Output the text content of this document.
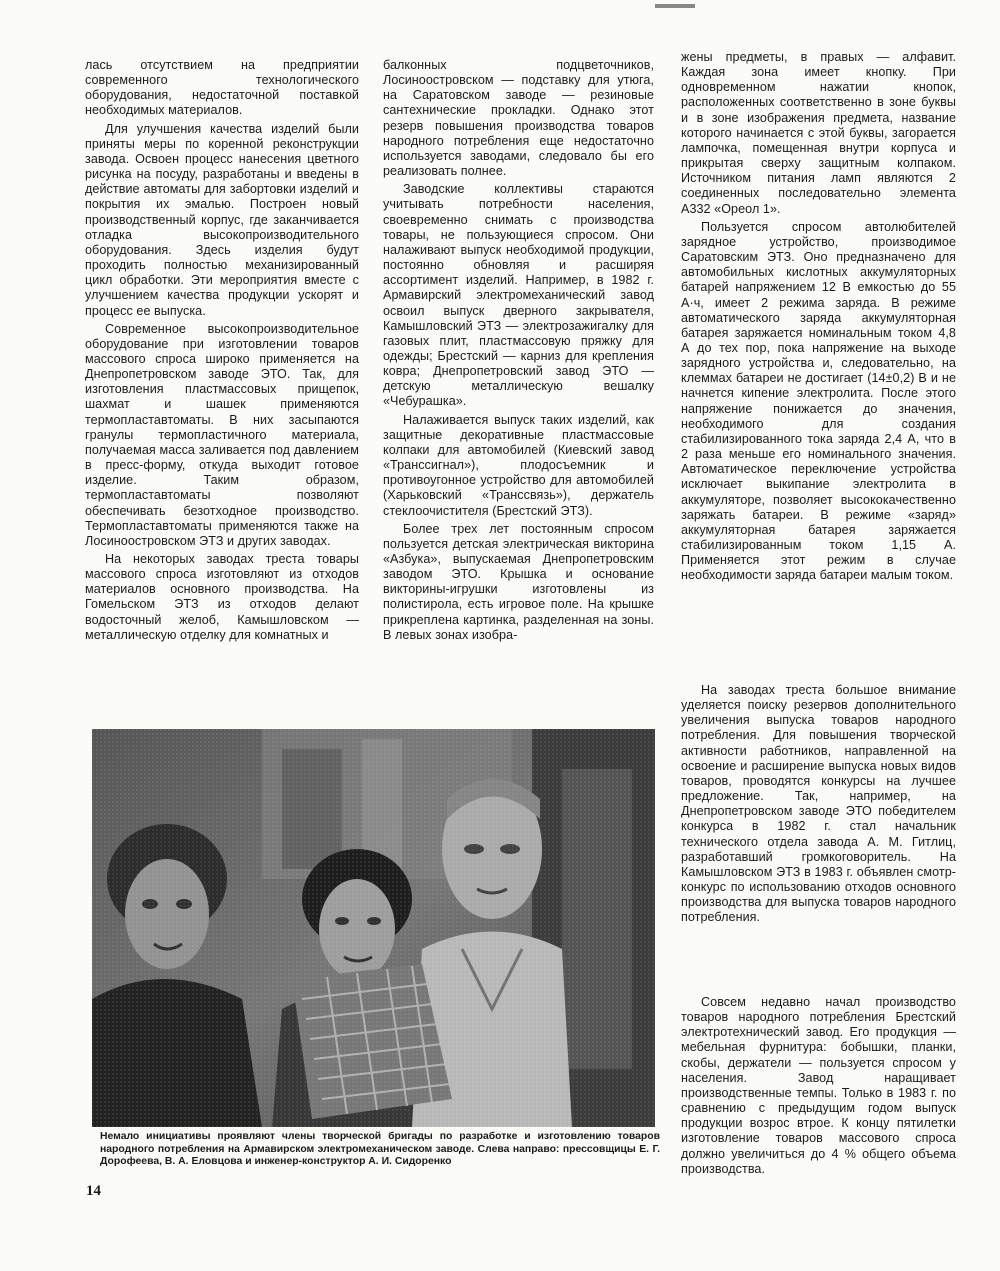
лась отсутствием на предприятии современного технологического оборудования, недостаточной поставкой необходимых материалов.

Для улучшения качества изделий были приняты меры по коренной реконструкции завода. Освоен процесс нанесения цветного рисунка на посуду, разработаны и введены в действие автоматы для забортовки изделий и покрытия их эмалью. Построен новый производственный корпус, где заканчивается отладка высокопроизводительного оборудования. Здесь изделия будут проходить полностью механизированный цикл обработки. Эти мероприятия вместе с улучшением качества продукции ускорят и процесс ее выпуска.

Современное высокопроизводительное оборудование при изготовлении товаров массового спроса широко применяется на Днепропетровском заводе ЭТО. Так, для изготовления пластмассовых прищепок, шахмат и шашек применяются термопластавтоматы. В них засыпаются гранулы термопластичного материала, получаемая масса заливается под давлением в пресс-форму, откуда выходит готовое изделие. Таким образом, термопластавтоматы позволяют обеспечивать безотходное производство. Термопластавтоматы применяются также на Лосиноостровском ЭТЗ и других заводах.

На некоторых заводах треста товары массового спроса изготовляют из отходов материалов основного производства. На Гомельском ЭТЗ из отходов делают водосточный желоб, Камышловском — металлическую отделку для комнатных и

балконных подцветочников, Лосиноостровском — подставку для утюга, на Саратовском заводе — резиновые сантехнические прокладки. Однако этот резерв повышения производства товаров народного потребления еще недостаточно используется заводами, следовало бы его реализовать полнее.

Заводские коллективы стараются учитывать потребности населения, своевременно снимать с производства товары, не пользующиеся спросом. Они налаживают выпуск необходимой продукции, постоянно обновляя и расширяя ассортимент изделий. Например, в 1982 г. Армавирский электромеханический завод освоил выпуск дверного закрывателя, Камышловский ЭТЗ — электрозажигалку для газовых плит, пластмассовую пряжку для одежды; Брестский — карниз для крепления ковра; Днепропетровский завод ЭТО — детскую металлическую вешалку «Чебурашка».

Налаживается выпуск таких изделий, как защитные декоративные пластмассовые колпаки для автомобилей (Киевский завод «Транссигнал»), плодосъемник и противоугонное устройство для автомобилей (Харьковский «Транссвязь»), держатель стеклоочистителя (Брестский ЭТЗ).

Более трех лет постоянным спросом пользуется детская электрическая викторина «Азбука», выпускаемая Днепропетровским заводом ЭТО. Крышка и основание викторины-игрушки изготовлены из полистирола, есть игровое поле. На крышке прикреплена картинка, разделенная на зоны. В левых зонах изобра-

жены предметы, в правых — алфавит. Каждая зона имеет кнопку. При одновременном нажатии кнопок, расположенных соответственно в зоне буквы и в зоне изображения предмета, название которого начинается с этой буквы, загорается лампочка, помещенная внутри корпуса и прикрытая сверху защитным колпаком. Источником питания ламп являются 2 соединенных последовательно элемента А332 «Ореол 1».

Пользуется спросом автолюбителей зарядное устройство, производимое Саратовским ЭТЗ. Оно предназначено для автомобильных кислотных аккумуляторных батарей напряжением 12 В емкостью до 55 А·ч, имеет 2 режима заряда. В режиме автоматического заряда аккумуляторная батарея заряжается номинальным током 4,8 А до тех пор, пока напряжение на выходе зарядного устройства и, следовательно, на клеммах батареи не достигает (14±0,2) В и не начнется кипение электролита. После этого напряжение понижается до значения, необходимого для создания стабилизированного тока заряда 2,4 А, что в 2 раза меньше его номинального значения. Автоматическое переключение устройства исключает выкипание электролита в аккумуляторе, позволяет высококачественно заряжать батареи. В режиме «заряд» аккумуляторная батарея заряжается стабилизированным током 1,15 А. Применяется этот режим в случае необходимости заряда батареи малым током.

На заводах треста большое внимание уделяется поиску резервов дополнительного увеличения выпуска товаров народного потребления. Для повышения творческой активности работников, направленной на освоение и расширение выпуска новых видов товаров, проводятся конкурсы на лучшее предложение. Так, например, на Днепропетровском заводе ЭТО победителем конкурса в 1982 г. стал начальник технического отдела завода А. М. Гитлиц, разработавший громкоговоритель. На Камышловском ЭТЗ в 1983 г. объявлен смотр-конкурс по использованию отходов основного производства для выпуска товаров народного потребления.

Совсем недавно начал производство товаров народного потребления Брестский электротехнический завод. Его продукция — мебельная фурнитура: бобышки, планки, скобы, держатели — пользуется спросом у населения. Завод наращивает производственные темпы. Только в 1983 г. по сравнению с предыдущим годом выпуск продукции возрос втрое. К концу пятилетки изготовление товаров массового спроса должно увеличиться до 4 % общего объема производства.

Немало инициативы проявляют члены творческой бригады по разработке и изготовлению товаров народного потребления на Армавирском электромеханическом заводе. Слева направо: прессовщицы Е. Г. Дорофеева, В. А. Еловцова и инженер-конструктор А. И. Сидоренко
14
